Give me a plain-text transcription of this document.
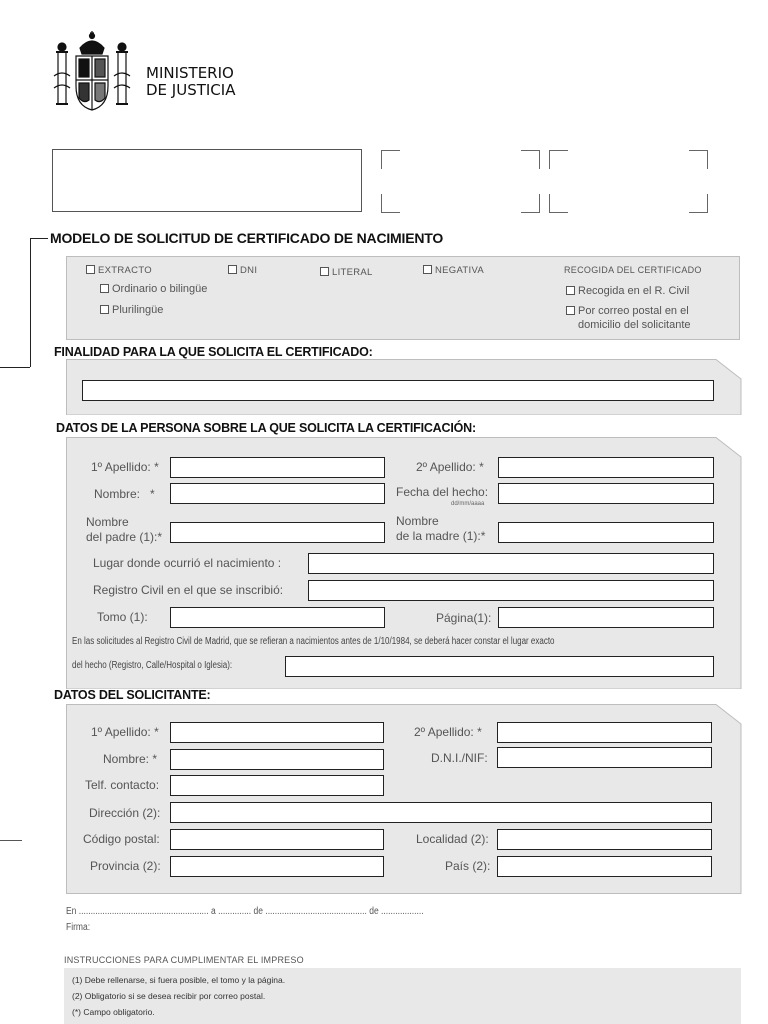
MINISTERIO
DE JUSTICIA
MODELO DE SOLICITUD DE CERTIFICADO DE NACIMIENTO
EXTRACTO
Ordinario o bilingüe
Plurilingüe
DNI	LITERAL	NEGATIVA	RECOGIDA DEL CERTIFICADO
Recogida en el R. Civil
Por correo postal en el
domicilio del solicitante
FINALIDAD PARA LA QUE SOLICITA EL CERTIFICADO:
DATOS DE LA PERSONA SOBRE LA QUE SOLICITA LA CERTIFICACIÓN:
1º Apellido: *	2º Apellido: *
Nombre: *	Fecha del hecho:
dd/mm/aaaa
Nombre
del padre (1):*
Nombre
de la madre (1):*
Lugar donde ocurrió el nacimiento :
Registro Civil en el que se inscribió:
Tomo (1):	Página(1):
En las solicitudes al Registro Civil de Madrid, que se refieran a nacimientos antes de 1/10/1984, se deberá hacer constar el lugar exacto
del hecho (Registro, Calle/Hospital o Iglesia):
DATOS DEL SOLICITANTE:
1º Apellido: *	2º Apellido: *
Nombre: *	D.N.I./NIF:
Telf. contacto:
Dirección (2):
Código postal:	Localidad (2):
Provincia (2):	País (2):
En ....................................................... a .............. de ........................................... de ..................
Firma:
INSTRUCCIONES PARA CUMPLIMENTAR EL IMPRESO
(1) Debe rellenarse, si fuera posible, el tomo y la página.
(2) Obligatorio si se desea recibir por correo postal.
(*) Campo obligatorio.
